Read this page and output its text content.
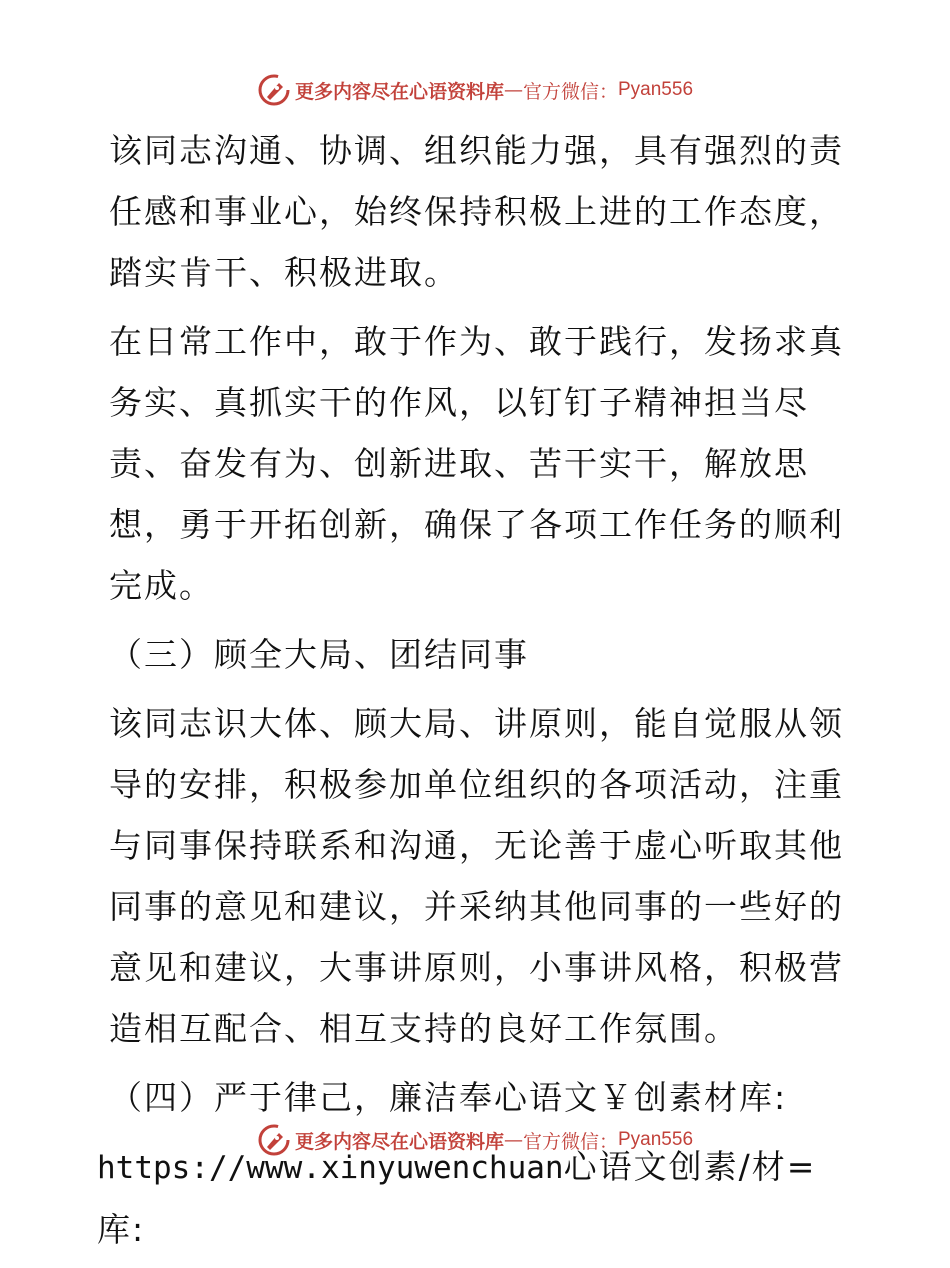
更多内容尽在心语资料库 — 官方微信： Pyan556

该同志沟通、协调、组织能力强，具有强烈的责任感和事业心，始终保持积极上进的工作态度，踏实肯干、积极进取。

在日常工作中，敢于作为、敢于践行，发扬求真务实、真抓实干的作风，以钉钉子精神担当尽责、奋发有为、创新进取、苦干实干，解放思想，勇于开拓创新，确保了各项工作任务的顺利完成。

（三）顾全大局、团结同事

该同志识大体、顾大局、讲原则，能自觉服从领导的安排，积极参加单位组织的各项活动，注重与同事保持联系和沟通，无论善于虚心听取其他同事的意见和建议，并采纳其他同事的一些好的意见和建议，大事讲原则，小事讲风格，积极营造相互配合、相互支持的良好工作氛围。

（四）严于律己，廉洁奉心语文￥创素材库:

https://www.xinyuwenchuan心语文创素/材=库:

更多内容尽在心语资料库 — 官方微信： Pyan556
